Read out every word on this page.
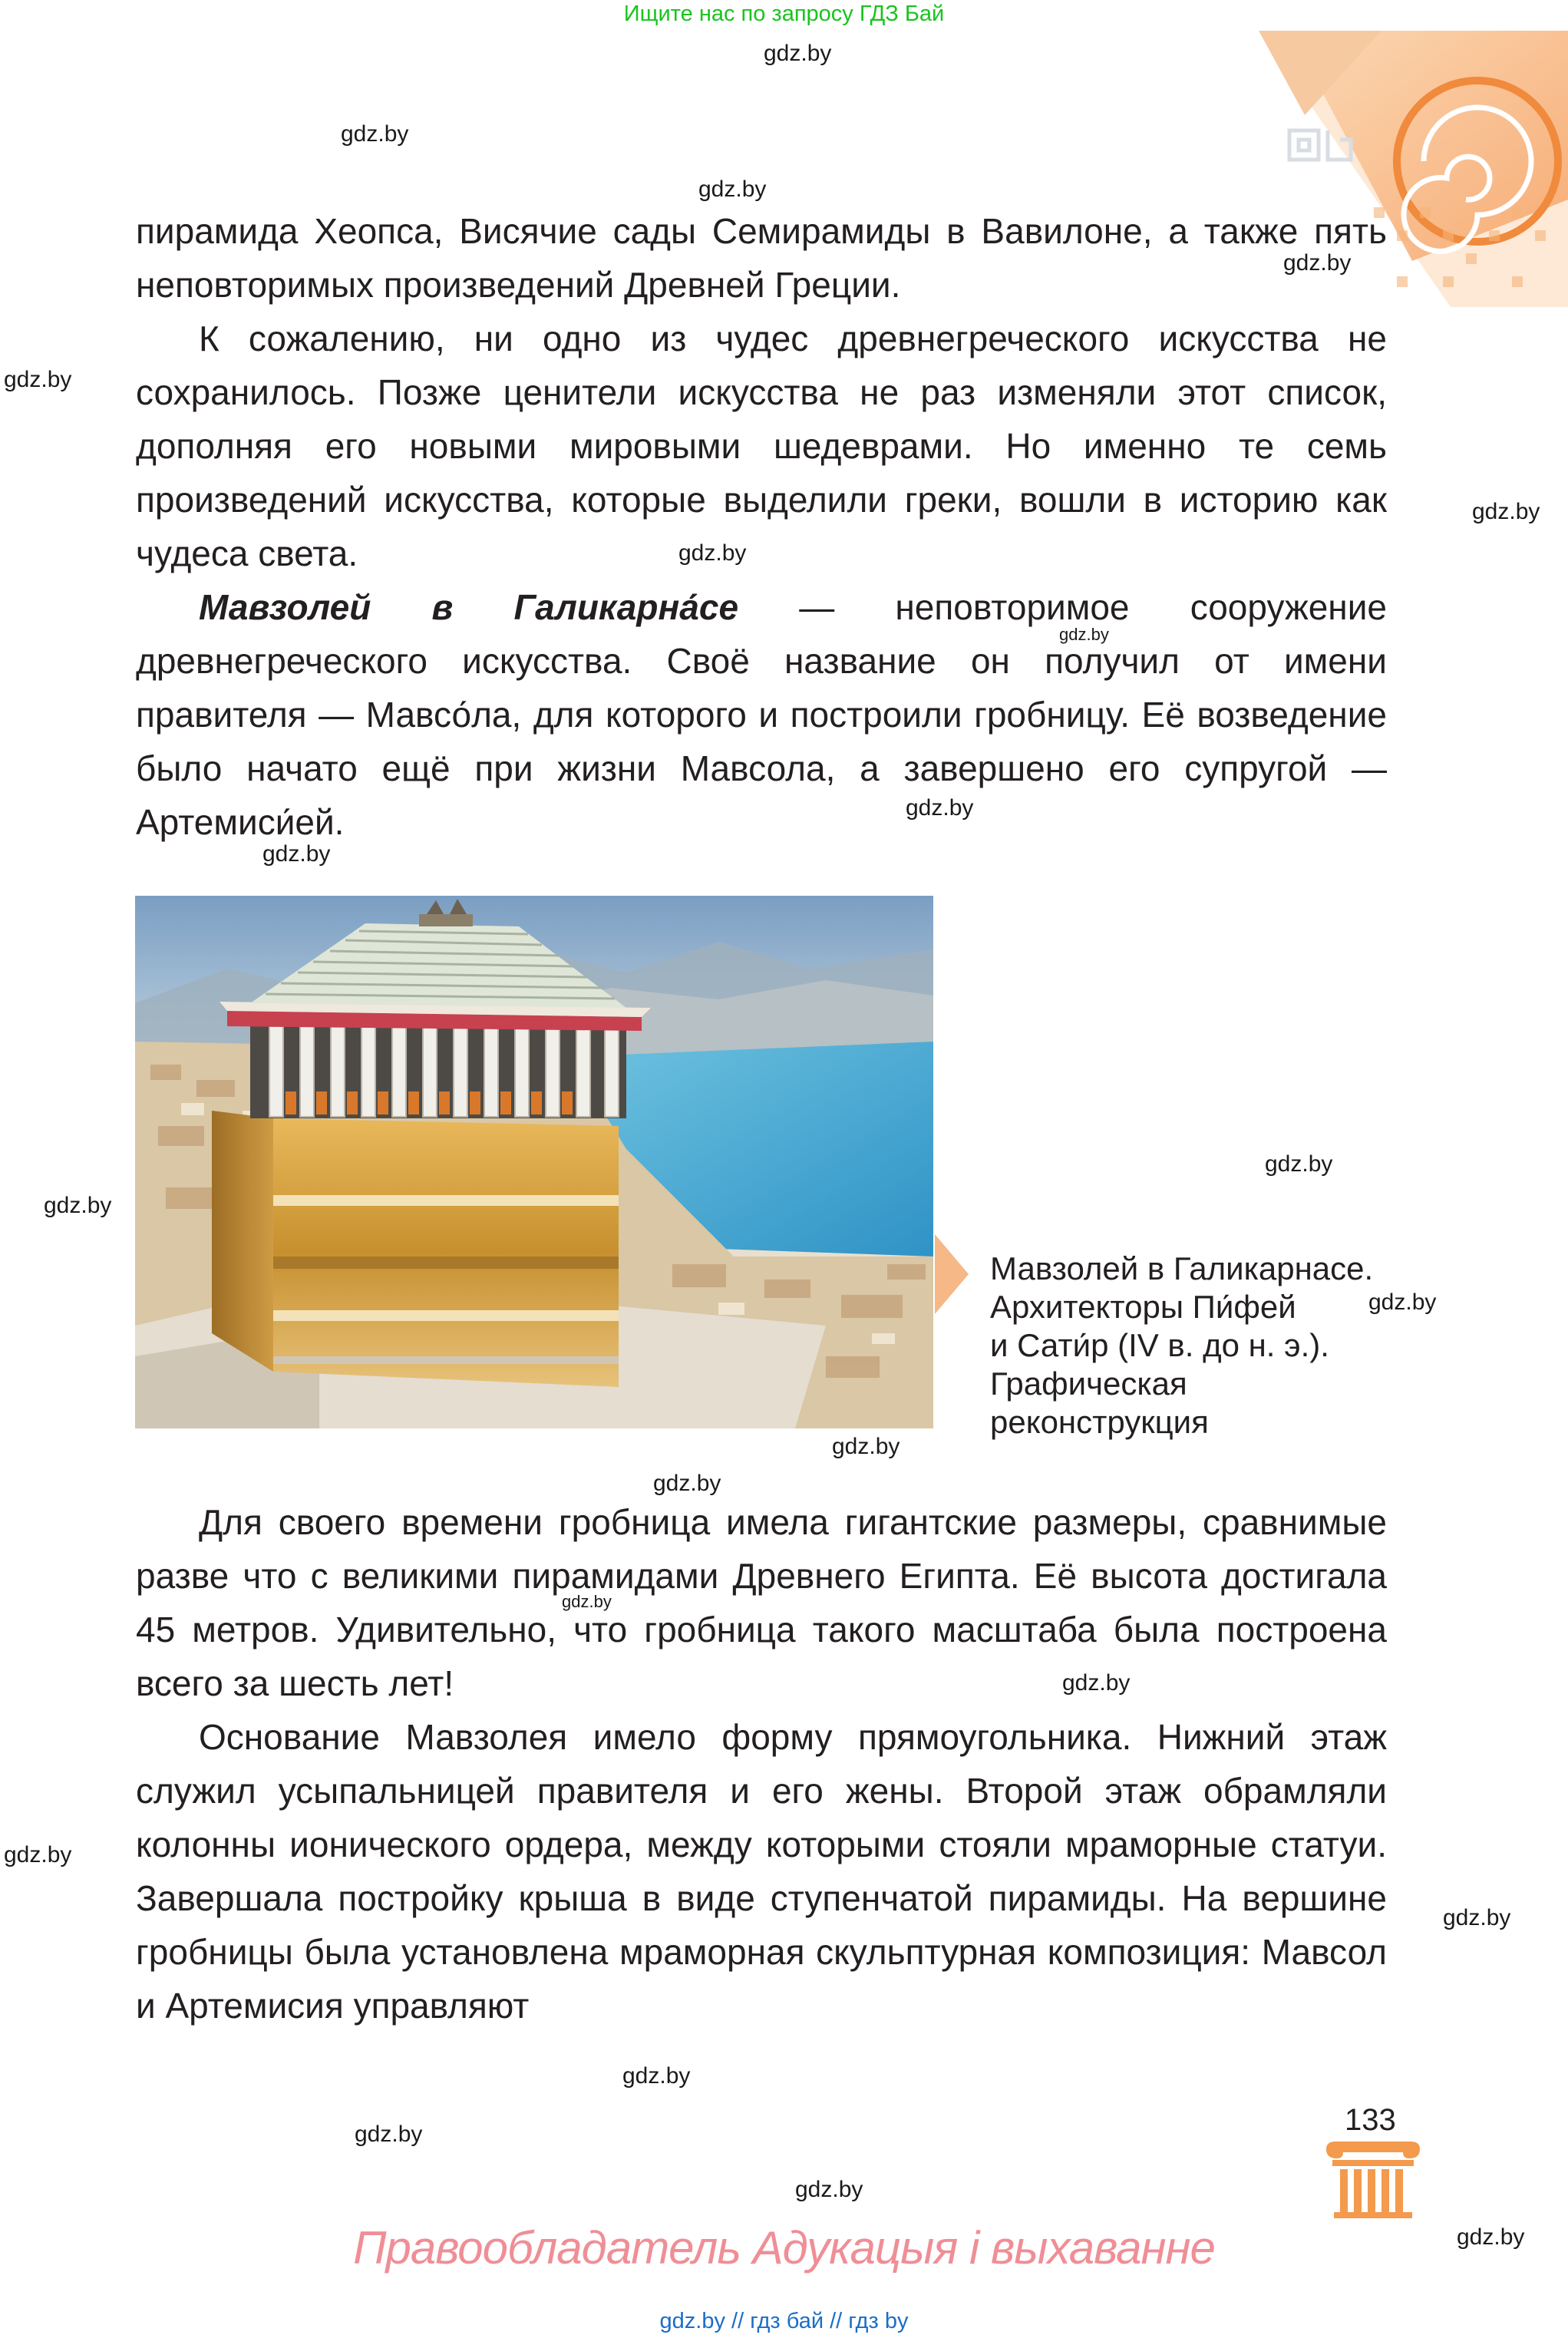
Ищите нас по запросу ГДЗ Бай
gdz.by
gdz.by
gdz.by
gdz.by
gdz.by
gdz.by
gdz.by
gdz.by
gdz.by
gdz.by
gdz.by
gdz.by
gdz.by
gdz.by
gdz.by
gdz.by
gdz.by
gdz.by
gdz.by
gdz.by
gdz.by
gdz.by
gdz.by

пирамида Хеопса, Висячие сады Семирамиды в Вавилоне, а также пять неповторимых произведений Древней Греции.

К сожалению, ни одно из чудес древнегреческого искусства не сохранилось. Позже ценители искусства не раз изменяли этот список, дополняя его новыми мировыми шедеврами. Но именно те семь произведений искусства, которые выделили греки, вошли в историю как чудеса света.

Мавзолей в Галикарна́се — неповторимое сооружение древнегреческого искусства. Своё название он получил от имени правителя — Мавсо́ла, для которого и построили гробницу. Её возведение было начато ещё при жизни Мавсола, а завершено его супругой — Артемиси́ей.

Мавзолей в Галикарнасе.
Архитекторы Пи́фей
и Сати́р (IV в. до н. э.).
Графическая
реконструкция

Для своего времени гробница имела гигантские размеры, сравнимые разве что с великими пирамидами Древнего Египта. Её высота достигала 45 метров. Удивительно, что гробница такого масштаба была построена всего за шесть лет!

Основание Мавзолея имело форму прямоугольника. Нижний этаж служил усыпальницей правителя и его жены. Второй этаж обрамляли колонны ионического ордера, между которыми стояли мраморные статуи. Завершала постройку крыша в виде ступенчатой пирамиды. На вершине гробницы была установлена мраморная скульптурная композиция: Мавсол и Артемисия управляют

133
Правообладатель Адукацыя і выхаванне
gdz.by // гдз бай // гдз by
